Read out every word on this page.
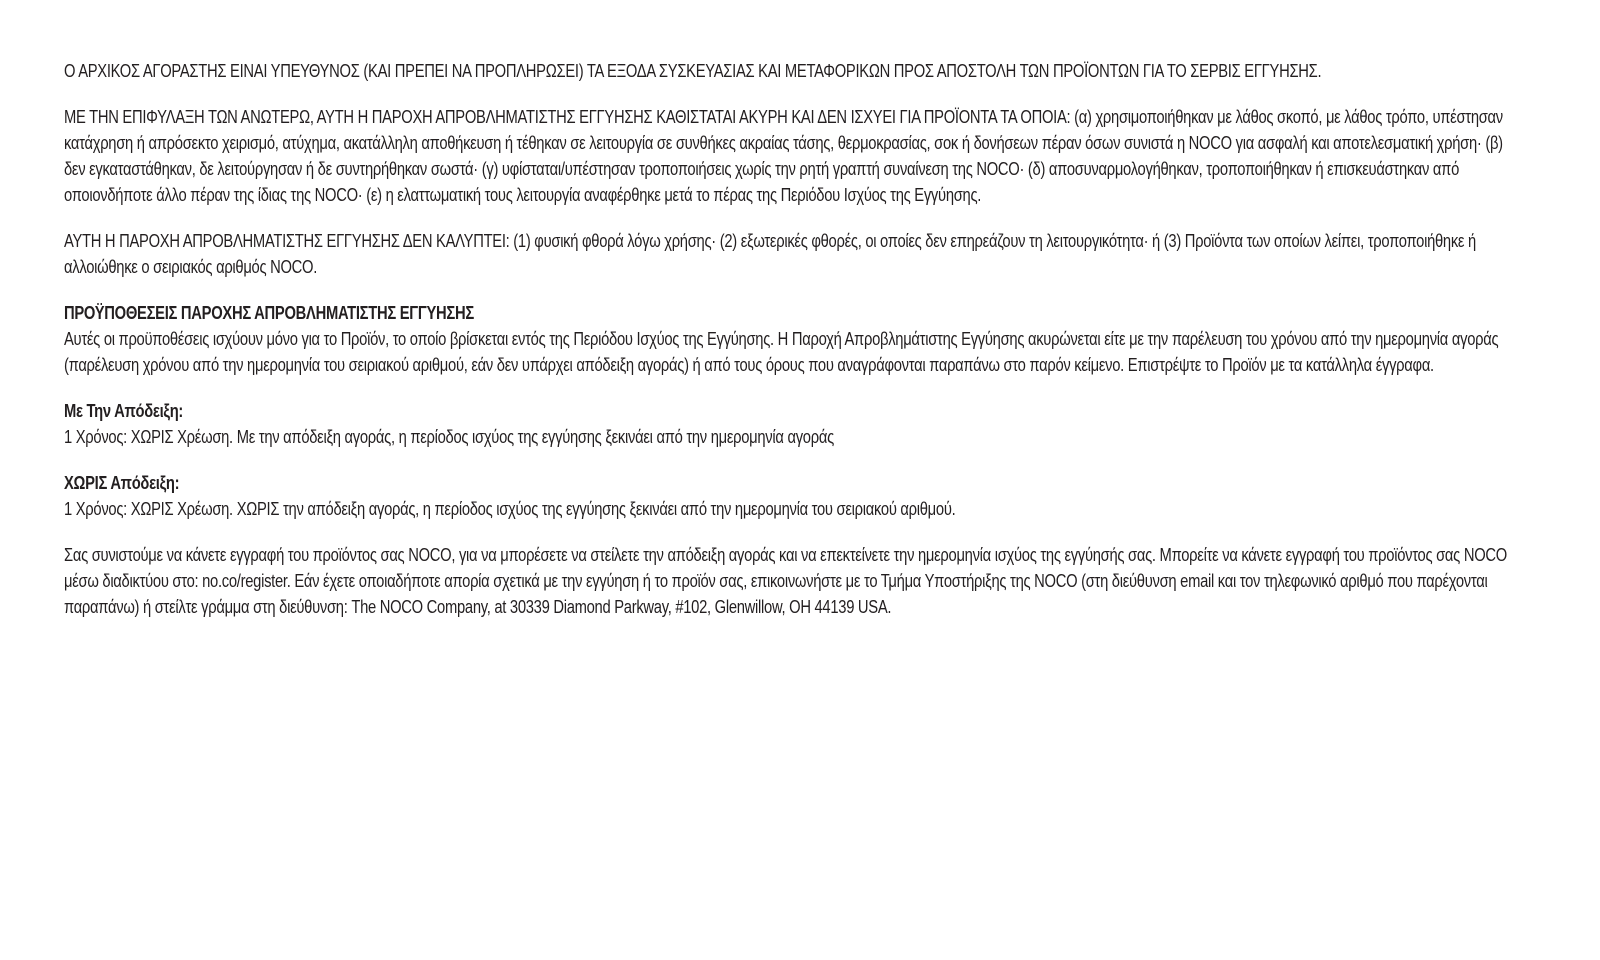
Ο ΑΡΧΙΚΟΣ ΑΓΟΡΑΣΤΗΣ ΕΙΝΑΙ ΥΠΕΥΘΥΝΟΣ (ΚΑΙ ΠΡΕΠΕΙ ΝΑ ΠΡΟΠΛΗΡΩΣΕΙ) ΤΑ ΕΞΟΔΑ ΣΥΣΚΕΥΑΣΙΑΣ ΚΑΙ ΜΕΤΑΦΟΡΙΚΩΝ ΠΡΟΣ ΑΠΟΣΤΟΛΗ ΤΩΝ ΠΡΟΪΟΝΤΩΝ ΓΙΑ ΤΟ ΣΕΡΒΙΣ ΕΓΓΥΗΣΗΣ.

ΜΕ ΤΗΝ ΕΠΙΦΥΛΑΞΗ ΤΩΝ ΑΝΩΤΕΡΩ, ΑΥΤΗ Η ΠΑΡΟΧΗ ΑΠΡΟΒΛΗΜΑΤΙΣΤΗΣ ΕΓΓΥΗΣΗΣ ΚΑΘΙΣΤΑΤΑΙ ΑΚΥΡΗ ΚΑΙ ΔΕΝ ΙΣΧΥΕΙ ΓΙΑ ΠΡΟΪΟΝΤΑ ΤΑ ΟΠΟΙΑ: (α) χρησιμοποιήθηκαν με λάθος σκοπό, με λάθος τρόπο, υπέστησαν κατάχρηση ή απρόσεκτο χειρισμό, ατύχημα, ακατάλληλη αποθήκευση ή τέθηκαν σε λειτουργία σε συνθήκες ακραίας τάσης, θερμοκρασίας, σοκ ή δονήσεων πέραν όσων συνιστά η NOCO για ασφαλή και αποτελεσματική χρήση· (β) δεν εγκαταστάθηκαν, δε λειτούργησαν ή δε συντηρήθηκαν σωστά· (γ) υφίσταται/υπέστησαν τροποποιήσεις χωρίς την ρητή γραπτή συναίνεση της NOCO· (δ) αποσυναρμολογήθηκαν, τροποποιήθηκαν ή επισκευάστηκαν από οποιονδήποτε άλλο πέραν της ίδιας της NOCO· (ε) η ελαττωματική τους λειτουργία αναφέρθηκε μετά το πέρας της Περιόδου Ισχύος της Εγγύησης.

ΑΥΤΗ Η ΠΑΡΟΧΗ ΑΠΡΟΒΛΗΜΑΤΙΣΤΗΣ ΕΓΓΥΗΣΗΣ ΔΕΝ ΚΑΛΥΠΤΕΙ: (1) φυσική φθορά λόγω χρήσης· (2) εξωτερικές φθορές, οι οποίες δεν επηρεάζουν τη λειτουργικότητα· ή (3) Προϊόντα των οποίων λείπει, τροποποιήθηκε ή αλλοιώθηκε ο σειριακός αριθμός NOCO.

ΠΡΟΫΠΟΘΕΣΕΙΣ ΠΑΡΟΧΗΣ ΑΠΡΟΒΛΗΜΑΤΙΣΤΗΣ ΕΓΓΥΗΣΗΣ

Αυτές οι προϋποθέσεις ισχύουν μόνο για το Προϊόν, το οποίο βρίσκεται εντός της Περιόδου Ισχύος της Εγγύησης. Η Παροχή Απροβλημάτιστης Εγγύησης ακυρώνεται είτε με την παρέλευση του χρόνου από την ημερομηνία αγοράς (παρέλευση χρόνου από την ημερομηνία του σειριακού αριθμού, εάν δεν υπάρχει απόδειξη αγοράς) ή από τους όρους που αναγράφονται παραπάνω στο παρόν κείμενο. Επιστρέψτε το Προϊόν με τα κατάλληλα έγγραφα.

Με Την Απόδειξη:

1 Χρόνος: ΧΩΡΙΣ Χρέωση. Με την απόδειξη αγοράς, η περίοδος ισχύος της εγγύησης ξεκινάει από την ημερομηνία αγοράς

ΧΩΡΙΣ Απόδειξη:

1 Χρόνος: ΧΩΡΙΣ Χρέωση. ΧΩΡΙΣ την απόδειξη αγοράς, η περίοδος ισχύος της εγγύησης ξεκινάει από την ημερομηνία του σειριακού αριθμού.

Σας συνιστούμε να κάνετε εγγραφή του προϊόντος σας NOCO, για να μπορέσετε να στείλετε την απόδειξη αγοράς και να επεκτείνετε την ημερομηνία ισχύος της εγγύησής σας. Μπορείτε να κάνετε εγγραφή του προϊόντος σας NOCO μέσω διαδικτύου στο: no.co/register. Εάν έχετε οποιαδήποτε απορία σχετικά με την εγγύηση ή το προϊόν σας, επικοινωνήστε με το Τμήμα Υποστήριξης της NOCO (στη διεύθυνση email και τον τηλεφωνικό αριθμό που παρέχονται παραπάνω) ή στείλτε γράμμα στη διεύθυνση: The NOCO Company, at 30339 Diamond Parkway, #102, Glenwillow, OH 44139 USA.
